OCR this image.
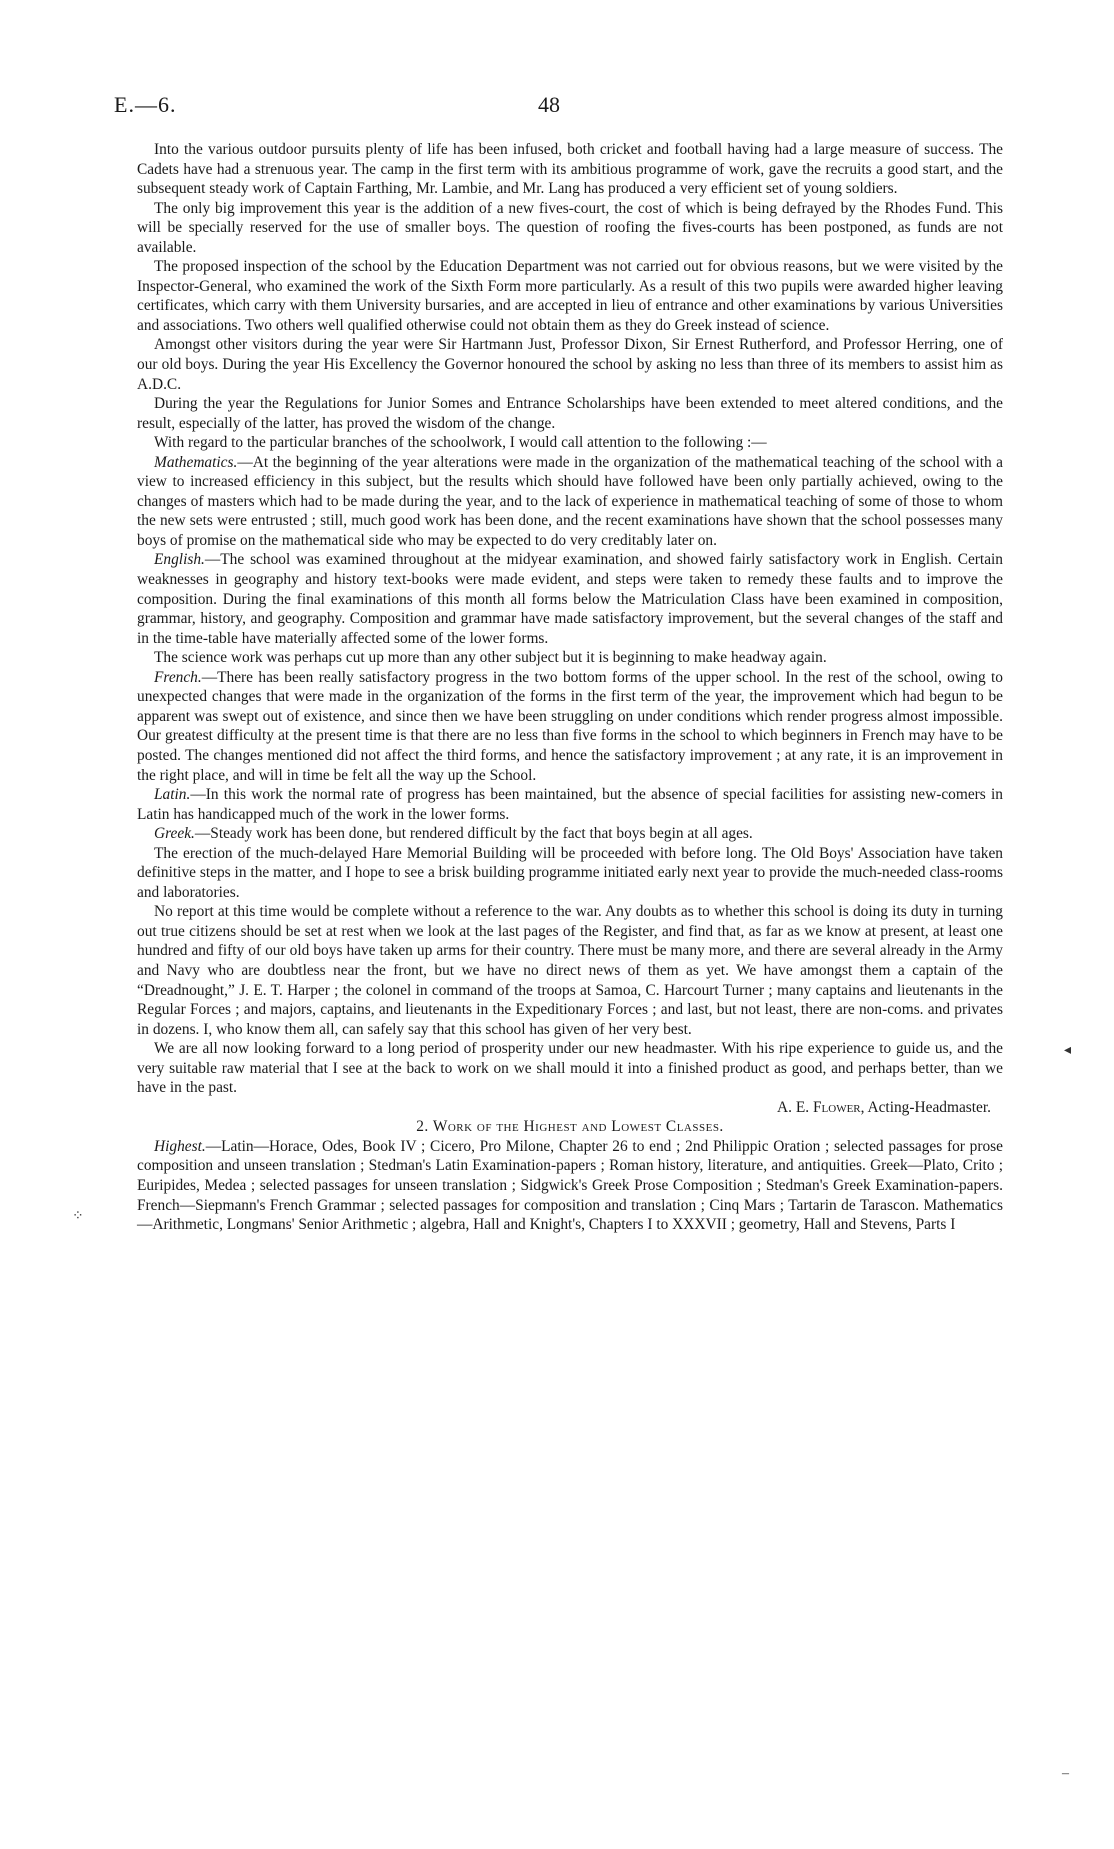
E.—6.	48
◂
⁘
‒

Into the various outdoor pursuits plenty of life has been infused, both cricket and football having had a large measure of success. The Cadets have had a strenuous year. The camp in the first term with its ambitious programme of work, gave the recruits a good start, and the subsequent steady work of Captain Farthing, Mr. Lambie, and Mr. Lang has produced a very efficient set of young soldiers.

The only big improvement this year is the addition of a new fives-court, the cost of which is being defrayed by the Rhodes Fund. This will be specially reserved for the use of smaller boys. The question of roofing the fives-courts has been postponed, as funds are not available.

The proposed inspection of the school by the Education Department was not carried out for obvious reasons, but we were visited by the Inspector-General, who examined the work of the Sixth Form more particularly. As a result of this two pupils were awarded higher leaving certificates, which carry with them University bursaries, and are accepted in lieu of entrance and other examinations by various Universities and associations. Two others well qualified otherwise could not obtain them as they do Greek instead of science.

Amongst other visitors during the year were Sir Hartmann Just, Professor Dixon, Sir Ernest Rutherford, and Professor Herring, one of our old boys. During the year His Excellency the Governor honoured the school by asking no less than three of its members to assist him as A.D.C.

During the year the Regulations for Junior Somes and Entrance Scholarships have been extended to meet altered conditions, and the result, especially of the latter, has proved the wisdom of the change.

With regard to the particular branches of the schoolwork, I would call attention to the following :—

Mathematics.—At the beginning of the year alterations were made in the organization of the mathematical teaching of the school with a view to increased efficiency in this subject, but the results which should have followed have been only partially achieved, owing to the changes of masters which had to be made during the year, and to the lack of experience in mathematical teaching of some of those to whom the new sets were entrusted ; still, much good work has been done, and the recent examinations have shown that the school possesses many boys of promise on the mathematical side who may be expected to do very creditably later on.

English.—The school was examined throughout at the midyear examination, and showed fairly satisfactory work in English. Certain weaknesses in geography and history text-books were made evident, and steps were taken to remedy these faults and to improve the composition. During the final examinations of this month all forms below the Matriculation Class have been examined in composition, grammar, history, and geography. Composition and grammar have made satisfactory improvement, but the several changes of the staff and in the time-table have materially affected some of the lower forms.

The science work was perhaps cut up more than any other subject but it is beginning to make headway again.

French.—There has been really satisfactory progress in the two bottom forms of the upper school. In the rest of the school, owing to unexpected changes that were made in the organization of the forms in the first term of the year, the improvement which had begun to be apparent was swept out of existence, and since then we have been struggling on under conditions which render progress almost impossible. Our greatest difficulty at the present time is that there are no less than five forms in the school to which beginners in French may have to be posted. The changes mentioned did not affect the third forms, and hence the satisfactory improvement ; at any rate, it is an improvement in the right place, and will in time be felt all the way up the School.

Latin.—In this work the normal rate of progress has been maintained, but the absence of special facilities for assisting new-comers in Latin has handicapped much of the work in the lower forms.

Greek.—Steady work has been done, but rendered difficult by the fact that boys begin at all ages.

The erection of the much-delayed Hare Memorial Building will be proceeded with before long. The Old Boys' Association have taken definitive steps in the matter, and I hope to see a brisk building programme initiated early next year to provide the much-needed class-rooms and laboratories.

No report at this time would be complete without a reference to the war. Any doubts as to whether this school is doing its duty in turning out true citizens should be set at rest when we look at the last pages of the Register, and find that, as far as we know at present, at least one hundred and fifty of our old boys have taken up arms for their country. There must be many more, and there are several already in the Army and Navy who are doubtless near the front, but we have no direct news of them as yet. We have amongst them a captain of the “Dreadnought,” J. E. T. Harper ; the colonel in command of the troops at Samoa, C. Harcourt Turner ; many captains and lieutenants in the Regular Forces ; and majors, captains, and lieutenants in the Expeditionary Forces ; and last, but not least, there are non-coms. and privates in dozens. I, who know them all, can safely say that this school has given of her very best.

We are all now looking forward to a long period of prosperity under our new headmaster. With his ripe experience to guide us, and the very suitable raw material that I see at the back to work on we shall mould it into a finished product as good, and perhaps better, than we have in the past.

A. E. Flower, Acting-Headmaster.

2. Work of the Highest and Lowest Classes.

Highest.—Latin—Horace, Odes, Book IV ; Cicero, Pro Milone, Chapter 26 to end ; 2nd Philippic Oration ; selected passages for prose composition and unseen translation ; Stedman's Latin Examination-papers ; Roman history, literature, and antiquities. Greek—Plato, Crito ; Euripides, Medea ; selected passages for unseen translation ; Sidgwick's Greek Prose Composition ; Stedman's Greek Examination-papers. French—Siepmann's French Grammar ; selected passages for composition and translation ; Cinq Mars ; Tartarin de Tarascon. Mathematics—Arithmetic, Longmans' Senior Arithmetic ; algebra, Hall and Knight's, Chapters I to XXXVII ; geometry, Hall and Stevens, Parts I
